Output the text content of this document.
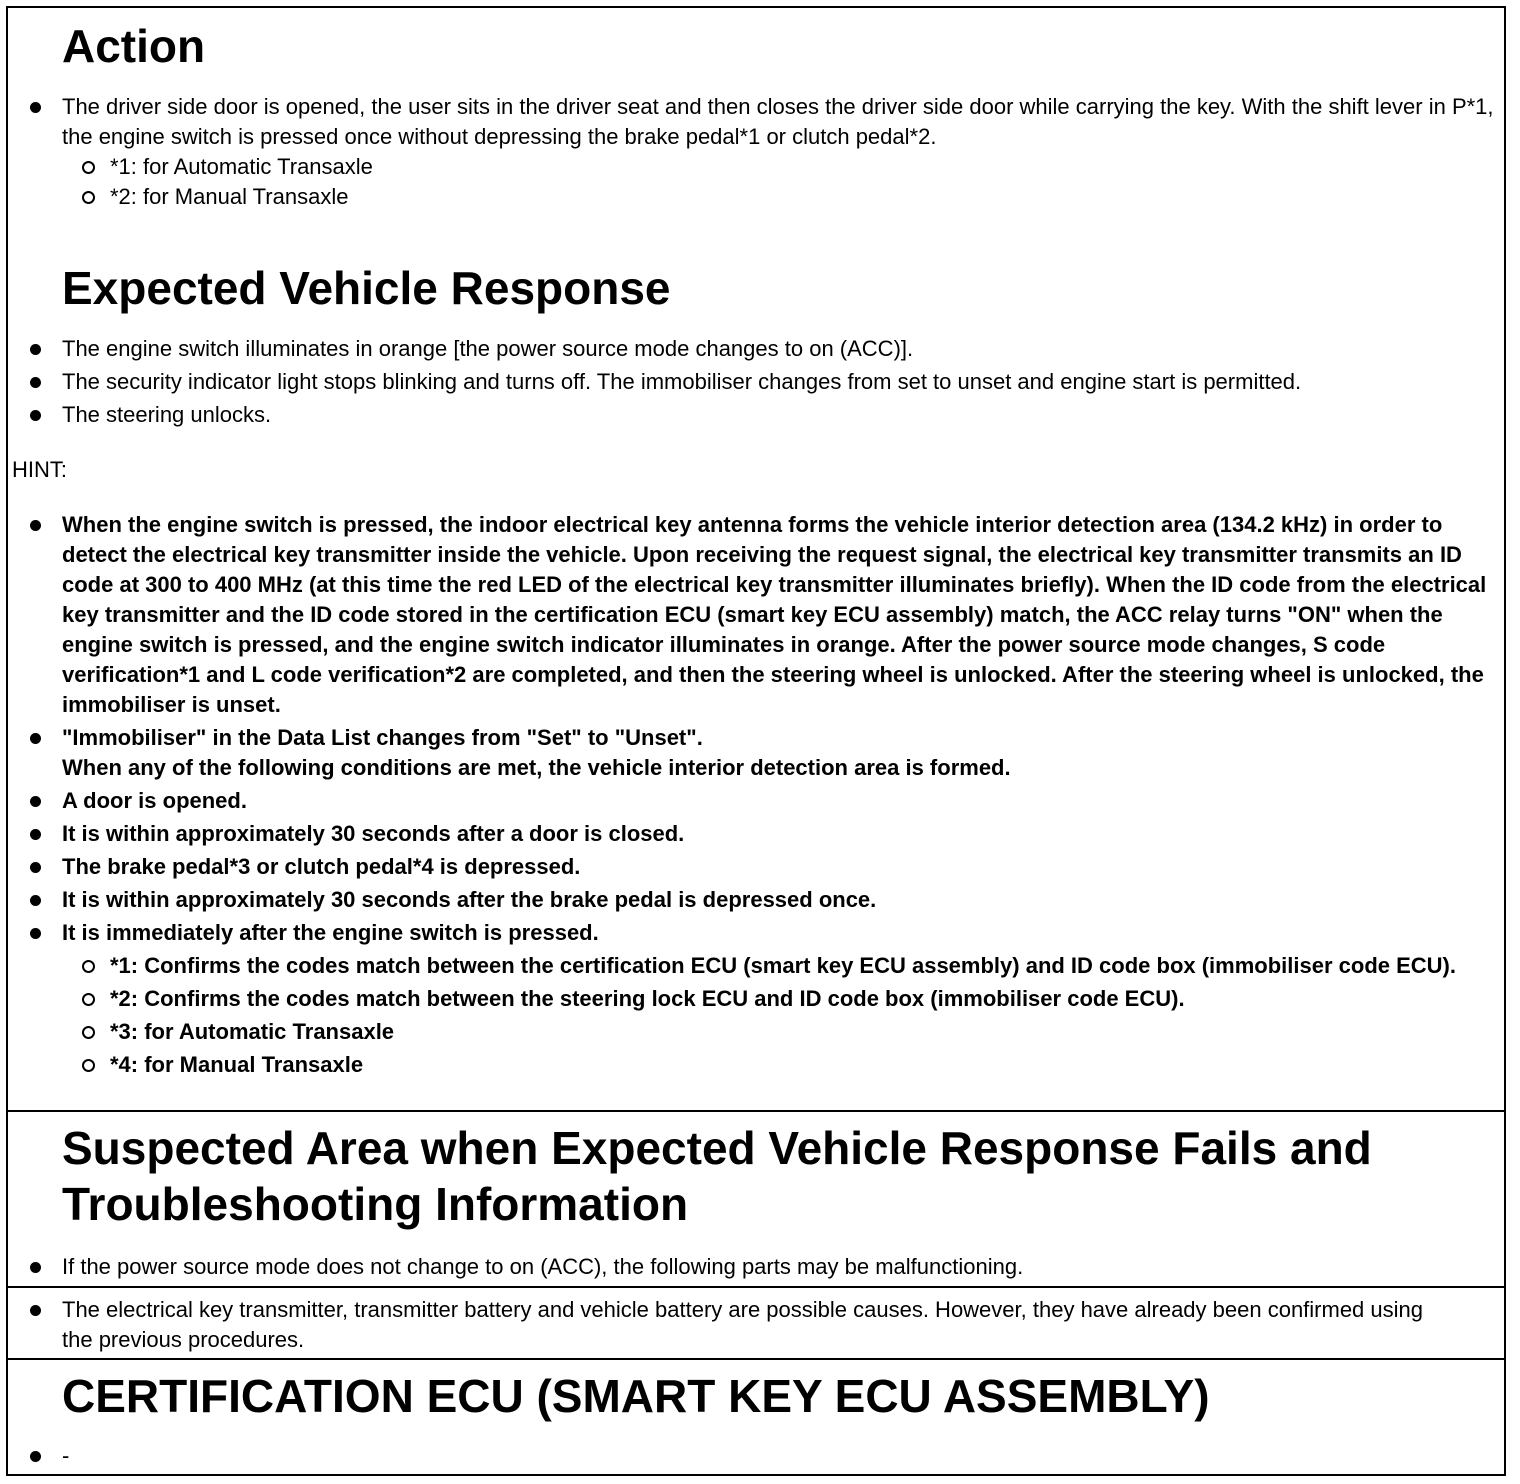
Action
The driver side door is opened, the user sits in the driver seat and then closes the driver side door while carrying the key. With the shift lever in P*1, the engine switch is pressed once without depressing the brake pedal*1 or clutch pedal*2.
*1: for Automatic Transaxle
*2: for Manual Transaxle
Expected Vehicle Response
The engine switch illuminates in orange [the power source mode changes to on (ACC)].
The security indicator light stops blinking and turns off. The immobiliser changes from set to unset and engine start is permitted.
The steering unlocks.
HINT:
When the engine switch is pressed, the indoor electrical key antenna forms the vehicle interior detection area (134.2 kHz) in order to detect the electrical key transmitter inside the vehicle. Upon receiving the request signal, the electrical key transmitter transmits an ID code at 300 to 400 MHz (at this time the red LED of the electrical key transmitter illuminates briefly). When the ID code from the electrical key transmitter and the ID code stored in the certification ECU (smart key ECU assembly) match, the ACC relay turns "ON" when the engine switch is pressed, and the engine switch indicator illuminates in orange. After the power source mode changes, S code verification*1 and L code verification*2 are completed, and then the steering wheel is unlocked. After the steering wheel is unlocked, the immobiliser is unset.
"Immobiliser" in the Data List changes from "Set" to "Unset".
When any of the following conditions are met, the vehicle interior detection area is formed.
A door is opened.
It is within approximately 30 seconds after a door is closed.
The brake pedal*3 or clutch pedal*4 is depressed.
It is within approximately 30 seconds after the brake pedal is depressed once.
It is immediately after the engine switch is pressed.
*1: Confirms the codes match between the certification ECU (smart key ECU assembly) and ID code box (immobiliser code ECU).
*2: Confirms the codes match between the steering lock ECU and ID code box (immobiliser code ECU).
*3: for Automatic Transaxle
*4: for Manual Transaxle
Suspected Area when Expected Vehicle Response Fails and Troubleshooting Information
If the power source mode does not change to on (ACC), the following parts may be malfunctioning.
The electrical key transmitter, transmitter battery and vehicle battery are possible causes. However, they have already been confirmed using the previous procedures.
CERTIFICATION ECU (SMART KEY ECU ASSEMBLY)
-
